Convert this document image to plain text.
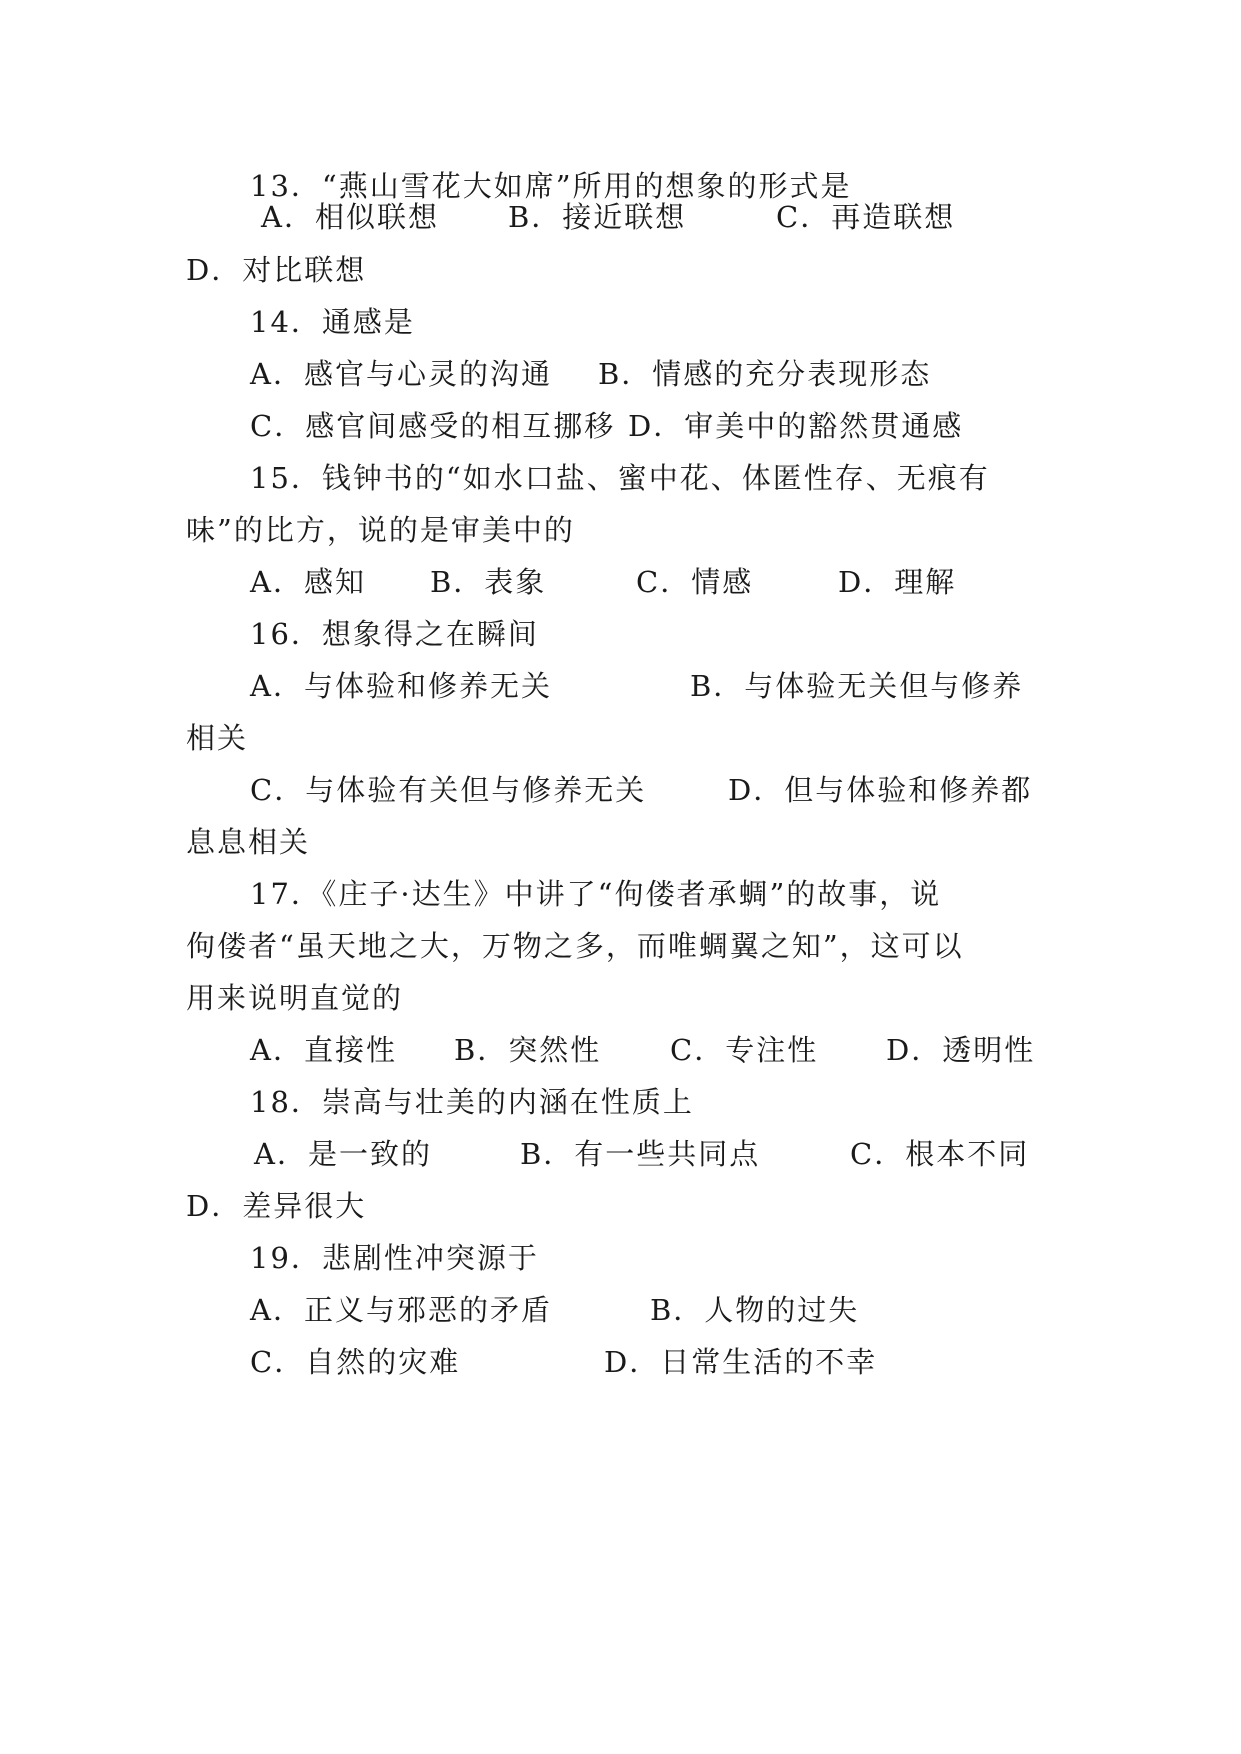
13．“燕山雪花大如席”所用的想象的形式是
A．相似联想 B．接近联想	C．再造联想
D．对比联想
14．通感是
A．感官与心灵的沟通 B．情感的充分表现形态
C．感官间感受的相互挪移 D．审美中的豁然贯通感
15．钱钟书的“如水口盐、蜜中花、体匿性存、无痕有
味”的比方，说的是审美中的
A．感知 B．表象	C．情感	D．理解
16．想象得之在瞬间
A．与体验和修养无关	B．与体验无关但与修养
相关
C．与体验有关但与修养无关	D．但与体验和修养都
息息相关
17．《庄子·达生》中讲了“佝偻者承蜩”的故事，说
佝偻者“虽天地之大，万物之多，而唯蜩翼之知”，这可以
用来说明直觉的
A．直接性 B．突然性 C．专注性 D．透明性
18．崇高与壮美的内涵在性质上
A．是一致的	B．有一些共同点	C．根本不同
D．差异很大
19．悲剧性冲突源于
A．正义与邪恶的矛盾	B．人物的过失
C．自然的灾难	D．日常生活的不幸
